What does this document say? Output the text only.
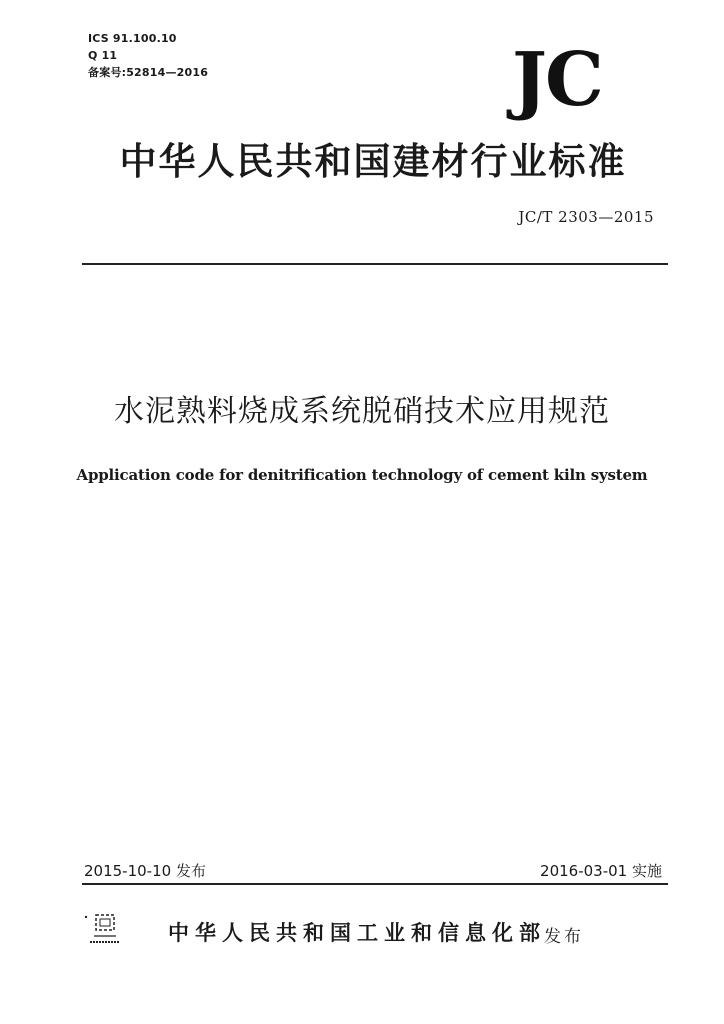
ICS 91.100.10
Q 11
备案号:52814—2016	JC
中华人民共和国建材行业标准
JC/T 2303—2015
水泥熟料烧成系统脱硝技术应用规范
Application code for denitrification technology of cement kiln system
2015-10-10 发布	2016-03-01 实施
中华人民共和国工业和信息化部
发布
